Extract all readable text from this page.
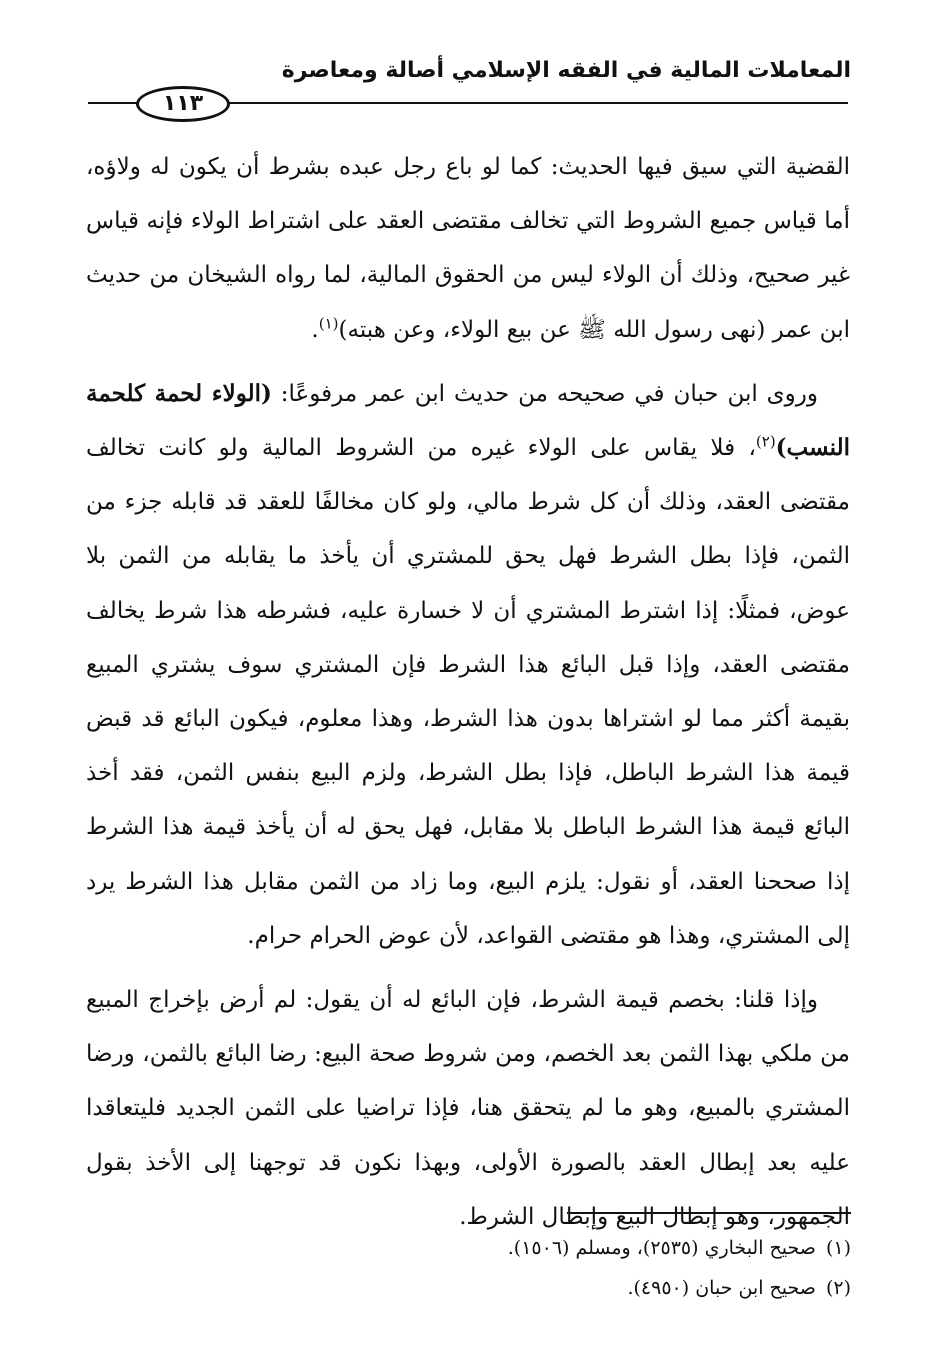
المعاملات المالية في الفقه الإسلامي أصالة ومعاصرة
١١٣

القضية التي سيق فيها الحديث: كما لو باع رجل عبده بشرط أن يكون له ولاؤه، أما قياس جميع الشروط التي تخالف مقتضى العقد على اشتراط الولاء فإنه قياس غير صحيح، وذلك أن الولاء ليس من الحقوق المالية، لما رواه الشيخان من حديث ابن عمر (نهى رسول الله ﷺ عن بيع الولاء، وعن هبته)$^{(١)}$.

وروى ابن حبان في صحيحه من حديث ابن عمر مرفوعًا: (الولاء لحمة كلحمة النسب)$^{(٢)}$، فلا يقاس على الولاء غيره من الشروط المالية ولو كانت تخالف مقتضى العقد، وذلك أن كل شرط مالي، ولو كان مخالفًا للعقد قد قابله جزء من الثمن، فإذا بطل الشرط فهل يحق للمشتري أن يأخذ ما يقابله من الثمن بلا عوض، فمثلًا: إذا اشترط المشتري أن لا خسارة عليه، فشرطه هذا شرط يخالف مقتضى العقد، وإذا قبل البائع هذا الشرط فإن المشتري سوف يشتري المبيع بقيمة أكثر مما لو اشتراها بدون هذا الشرط، وهذا معلوم، فيكون البائع قد قبض قيمة هذا الشرط الباطل، فإذا بطل الشرط، ولزم البيع بنفس الثمن، فقد أخذ البائع قيمة هذا الشرط الباطل بلا مقابل، فهل يحق له أن يأخذ قيمة هذا الشرط إذا صححنا العقد، أو نقول: يلزم البيع، وما زاد من الثمن مقابل هذا الشرط يرد إلى المشتري، وهذا هو مقتضى القواعد، لأن عوض الحرام حرام.

وإذا قلنا: بخصم قيمة الشرط، فإن البائع له أن يقول: لم أرض بإخراج المبيع من ملكي بهذا الثمن بعد الخصم، ومن شروط صحة البيع: رضا البائع بالثمن، ورضا المشتري بالمبيع، وهو ما لم يتحقق هنا، فإذا تراضيا على الثمن الجديد فليتعاقدا عليه بعد إبطال العقد بالصورة الأولى، وبهذا نكون قد توجهنا إلى الأخذ بقول الجمهور، وهو إبطال البيع وإبطال الشرط.

(١)صحيح البخاري (٢٥٣٥)، ومسلم (١٥٠٦).
(٢)صحيح ابن حبان (٤٩٥٠).
